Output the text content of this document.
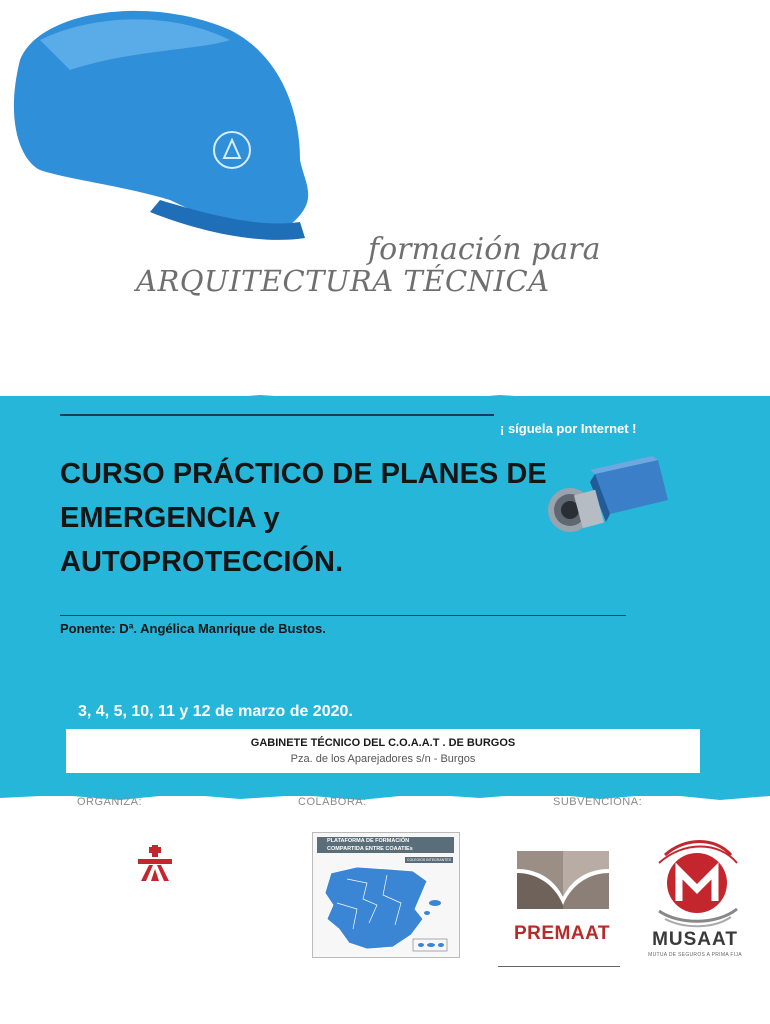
formación para
ARQUITECTURA TÉCNICA
¡ síguela por Internet !
CURSO PRÁCTICO DE PLANES DE
EMERGENCIA y
AUTOPROTECCIÓN.
Ponente: Dª. Angélica Manrique de Bustos.
3, 4, 5, 10, 11 y 12 de marzo de 2020.
GABINETE TÉCNICO DEL C.O.A.A.T . DE BURGOS
Pza. de los Aparejadores s/n - Burgos
ORGANIZA:	COLABORA:	SUBVENCIONA:
PLATAFORMA DE FORMACIÓN
COMPARTIDA ENTRE COAATIEs
COLEGIOS INTEGRANTES
PREMAAT	MUSAAT
MUTUA DE SEGUROS A PRIMA FIJA
